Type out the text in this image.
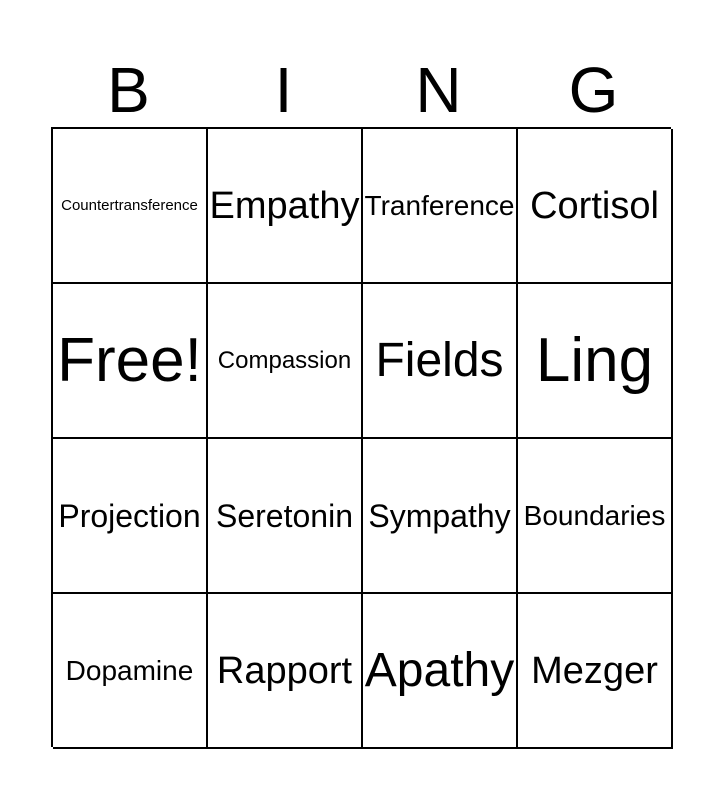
B	I	N	G
Countertransference Empathy Tranference Cortisol
Free! Compassion Fields Ling
Projection Seretonin Sympathy Boundaries
Dopamine Rapport Apathy Mezger
